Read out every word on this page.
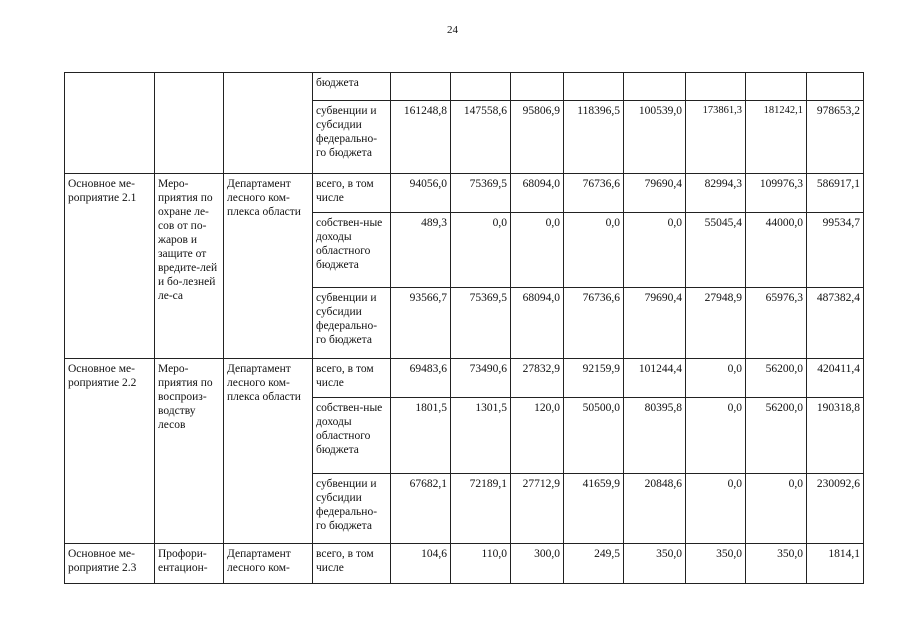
24
			бюджета								
			субвенции и субсидии федерально-го бюджета	161248,8	147558,6	95806,9	118396,5	100539,0	173861,3	181242,1	978653,2
Основное ме-роприятие 2.1	Меро-приятия по охране ле-сов от по-жаров и защите от вредите-лей и бо-лезней ле-са	Департамент лесного ком-плекса области	всего, в том числе	94056,0	75369,5	68094,0	76736,6	79690,4	82994,3	109976,3	586917,1
			собствен-ные доходы областного бюджета	489,3	0,0	0,0	0,0	0,0	55045,4	44000,0	99534,7
			субвенции и субсидии федерально-го бюджета	93566,7	75369,5	68094,0	76736,6	79690,4	27948,9	65976,3	487382,4
Основное ме-роприятие 2.2	Меро-приятия по воспроиз-водству лесов	Департамент лесного ком-плекса области	всего, в том числе	69483,6	73490,6	27832,9	92159,9	101244,4	0,0	56200,0	420411,4
			собствен-ные доходы областного бюджета	1801,5	1301,5	120,0	50500,0	80395,8	0,0	56200,0	190318,8
			субвенции и субсидии федерально-го бюджета	67682,1	72189,1	27712,9	41659,9	20848,6	0,0	0,0	230092,6
Основное ме-роприятие 2.3	Профори-ентацион-	Департамент лесного ком-	всего, в том числе	104,6	110,0	300,0	249,5	350,0	350,0	350,0	1814,1
